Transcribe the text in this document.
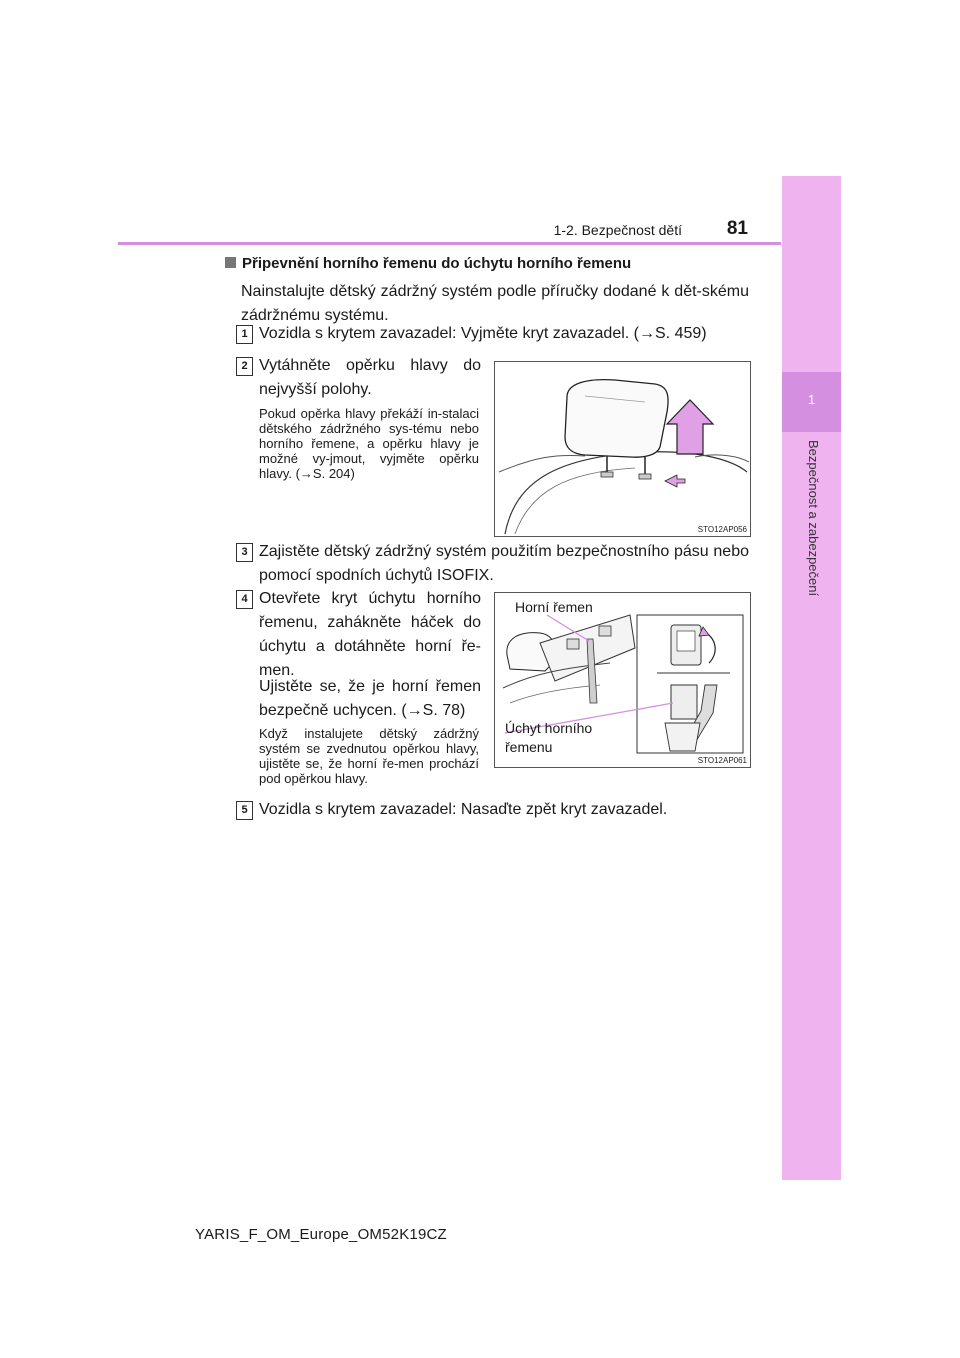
1
Bezpečnost a zabezpečení
1-2. Bezpečnost dětí	81
Připevnění horního řemenu do úchytu horního řemenu
Nainstalujte dětský zádržný systém podle příručky dodané k dět-skému zádržnému systému.
1 Vozidla s krytem zavazadel: Vyjměte kryt zavazadel. (→S. 459)
2 Vytáhněte opěrku hlavy do nejvyšší polohy.
Pokud opěrka hlavy překáží in-stalaci dětského zádržného sys-tému nebo horního řemene, a opěrku hlavy je možné vy-jmout, vyjměte opěrku hlavy. (→S. 204)
STO12AP056
3 Zajistěte dětský zádržný systém použitím bezpečnostního pásu nebo pomocí spodních úchytů ISOFIX.
4 Otevřete kryt úchytu horního řemenu, zahákněte háček do úchytu a dotáhněte horní ře-men.
Ujistěte se, že je horní řemen bezpečně uchycen. (→S. 78)
Když instalujete dětský zádržný systém se zvednutou opěrkou hlavy, ujistěte se, že horní ře-men prochází pod opěrkou hlavy.
Horní řemen
Úchyt horního
řemenu
STO12AP061
5 Vozidla s krytem zavazadel: Nasaďte zpět kryt zavazadel.
YARIS_F_OM_Europe_OM52K19CZ
